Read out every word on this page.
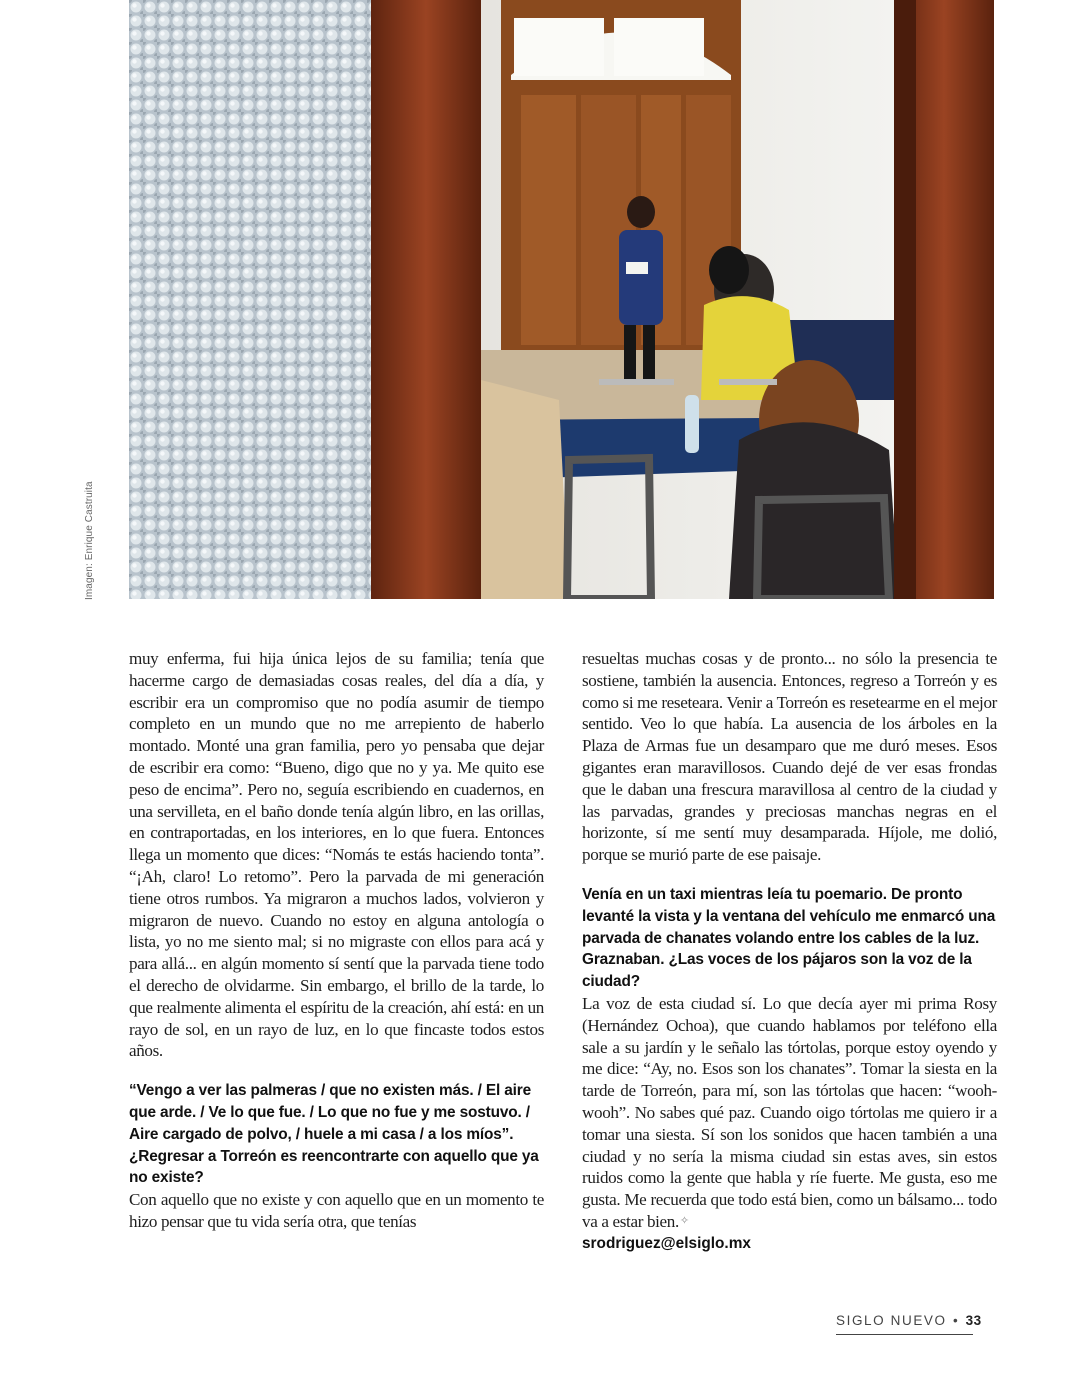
Imagen: Enrique Castruita

muy enferma, fui hija única lejos de su familia; tenía que hacerme cargo de demasiadas cosas reales, del día a día, y escribir era un compromiso que no podía asumir de tiempo completo en un mundo que no me arrepiento de haberlo montado. Monté una gran familia, pero yo pensaba que dejar de escribir era como: “Bueno, digo que no y ya. Me quito ese peso de encima”. Pero no, seguía escribiendo en cuadernos, en una servilleta, en el baño donde tenía algún libro, en las orillas, en contraportadas, en los interiores, en lo que fuera. Entonces llega un momento que dices: “Nomás te estás haciendo tonta”. “¡Ah, claro! Lo retomo”. Pero la parvada de mi generación tiene otros rumbos. Ya migraron a muchos lados, volvieron y migraron de nuevo. Cuando no estoy en alguna antología o lista, yo no me siento mal; si no migraste con ellos para acá y para allá... en algún momento sí sentí que la parvada tiene todo el derecho de olvidarme. Sin embargo, el brillo de la tarde, lo que realmente alimenta el espíritu de la creación, ahí está: en un rayo de sol, en un rayo de luz, en lo que fincaste todos estos años.

“Vengo a ver las palmeras / que no existen más. / El aire que arde. / Ve lo que fue. / Lo que no fue y me sostuvo. / Aire cargado de polvo, / huele a mi casa / a los míos”. ¿Regresar a Torreón es reencontrarte con aquello que ya no existe?

Con aquello que no existe y con aquello que en un momento te hizo pensar que tu vida sería otra, que tenías

resueltas muchas cosas y de pronto... no sólo la presencia te sostiene, también la ausencia. Entonces, regreso a Torreón y es como si me reseteara. Venir a Torreón es resetearme en el mejor sentido. Veo lo que había. La ausencia de los árboles en la Plaza de Armas fue un desamparo que me duró meses. Esos gigantes eran maravillosos. Cuando dejé de ver esas frondas que le daban una frescura maravillosa al centro de la ciudad y las parvadas, grandes y preciosas manchas negras en el horizonte, sí me sentí muy desamparada. Híjole, me dolió, porque se murió parte de ese paisaje.

Venía en un taxi mientras leía tu poemario. De pronto levanté la vista y la ventana del vehículo me enmarcó una parvada de chanates volando entre los cables de la luz. Graznaban. ¿Las voces de los pájaros son la voz de la ciudad?

La voz de esta ciudad sí. Lo que decía ayer mi prima Rosy (Hernández Ochoa), que cuando hablamos por teléfono ella sale a su jardín y le señalo las tórtolas, porque estoy oyendo y me dice: “Ay, no. Esos son los chanates”. Tomar la siesta en la tarde de Torreón, para mí, son las tórtolas que hacen: “wooh-wooh”. No sabes qué paz. Cuando oigo tórtolas me quiero ir a tomar una siesta. Sí son los sonidos que hacen también a una ciudad y no sería la misma ciudad sin estas aves, sin estos ruidos como la gente que habla y ríe fuerte. Me gusta, eso me gusta. Me recuerda que todo está bien, como un bálsamo... todo va a estar bien.✧

srodriguez@elsiglo.mx

SIGLO NUEVO • 33
